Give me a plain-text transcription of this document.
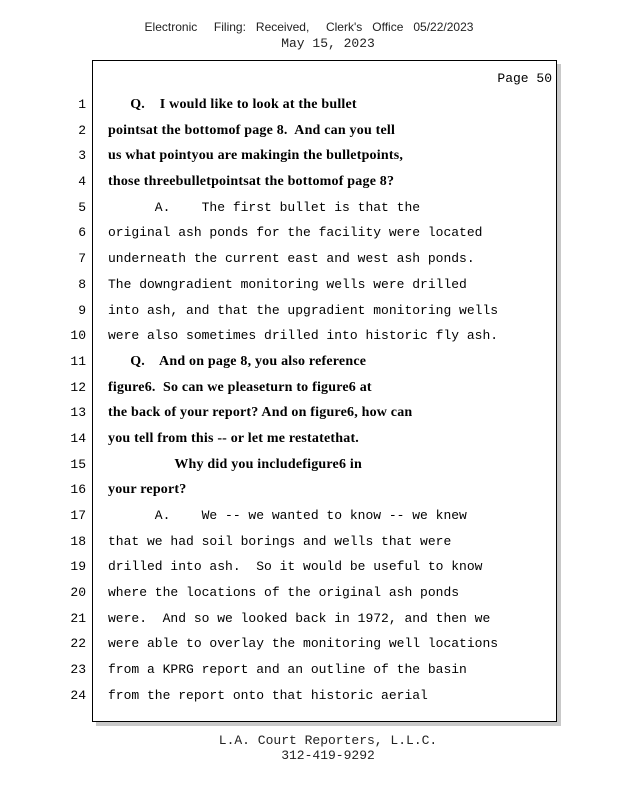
Electronic     Filing:   Received,     Clerk's   Office   05/22/2023
May 15, 2023
Page 50
1
2
3
4
5
6
7
8
9
10
11
12
13
14
15
16
17
18
19
20
21
22
23
24
Q.    I would like to look at the bullet
pointsat the bottomof page 8.  And can you tell
us what pointyou are makingin the bulletpoints,
those threebulletpointsat the bottomof page 8?
A.    The first bullet is that the
original ash ponds for the facility were located
underneath the current east and west ash ponds.
The downgradient monitoring wells were drilled
into ash, and that the upgradient monitoring wells
were also sometimes drilled into historic fly ash.
Q.    And on page 8, you also reference
figure6.  So can we pleaseturn to figure6 at
the back of your report? And on figure6, how can
you tell from this -- or let me restatethat.
Why did you includefigure6 in
your report?
A.    We -- we wanted to know -- we knew
that we had soil borings and wells that were
drilled into ash.  So it would be useful to know
where the locations of the original ash ponds
were.  And so we looked back in 1972, and then we
were able to overlay the monitoring well locations
from a KPRG report and an outline of the basin
from the report onto that historic aerial
L.A. Court Reporters, L.L.C.
312-419-9292
